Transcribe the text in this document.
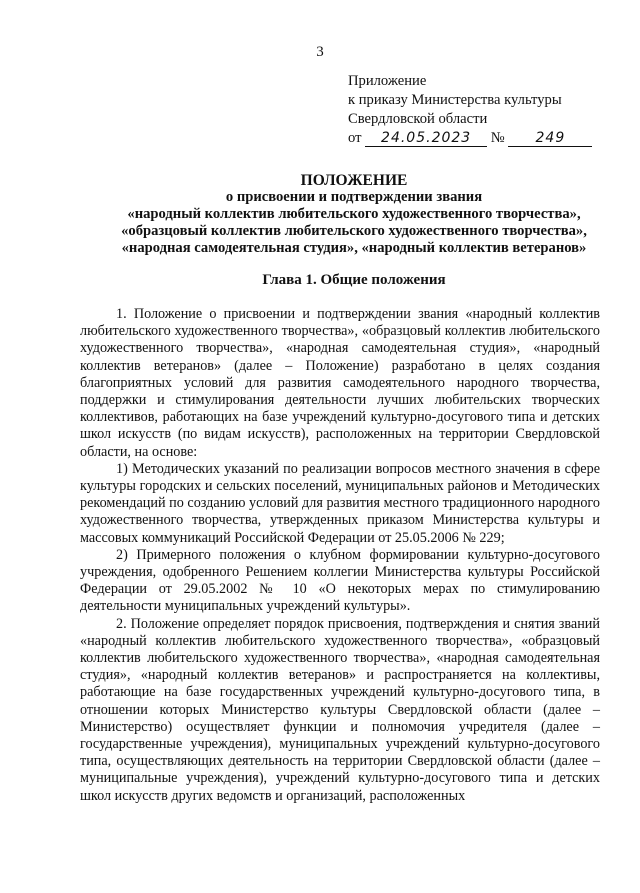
3
Приложение
к приказу Министерства культуры
Свердловской области
от 24.05.2023 № 249
ПОЛОЖЕНИЕ
о присвоении и подтверждении звания
«народный коллектив любительского художественного творчества»,
«образцовый коллектив любительского художественного творчества»,
«народная самодеятельная студия», «народный коллектив ветеранов»
Глава 1. Общие положения

1. Положение о присвоении и подтверждении звания «народный коллектив любительского художественного творчества», «образцовый коллектив любительского художественного творчества», «народная самодеятельная студия», «народный коллектив ветеранов» (далее – Положение) разработано в целях создания благоприятных условий для развития самодеятельного народного творчества, поддержки и стимулирования деятельности лучших любительских творческих коллективов, работающих на базе учреждений культурно-досугового типа и детских школ искусств (по видам искусств), расположенных на территории Свердловской области, на основе:

1) Методических указаний по реализации вопросов местного значения в сфере культуры городских и сельских поселений, муниципальных районов и Методических рекомендаций по созданию условий для развития местного традиционного народного художественного творчества, утвержденных приказом Министерства культуры и массовых коммуникаций Российской Федерации от 25.05.2006 № 229;

2) Примерного положения о клубном формировании культурно-досугового учреждения, одобренного Решением коллегии Министерства культуры Российской Федерации от 29.05.2002 № 10 «О некоторых мерах по стимулированию деятельности муниципальных учреждений культуры».

2. Положение определяет порядок присвоения, подтверждения и снятия званий «народный коллектив любительского художественного творчества», «образцовый коллектив любительского художественного творчества», «народная самодеятельная студия», «народный коллектив ветеранов» и распространяется на коллективы, работающие на базе государственных учреждений культурно-досугового типа, в отношении которых Министерство культуры Свердловской области (далее – Министерство) осуществляет функции и полномочия учредителя (далее – государственные учреждения), муниципальных учреждений культурно-досугового типа, осуществляющих деятельность на территории Свердловской области (далее – муниципальные учреждения), учреждений культурно-досугового типа и детских школ искусств других ведомств и организаций, расположенных
